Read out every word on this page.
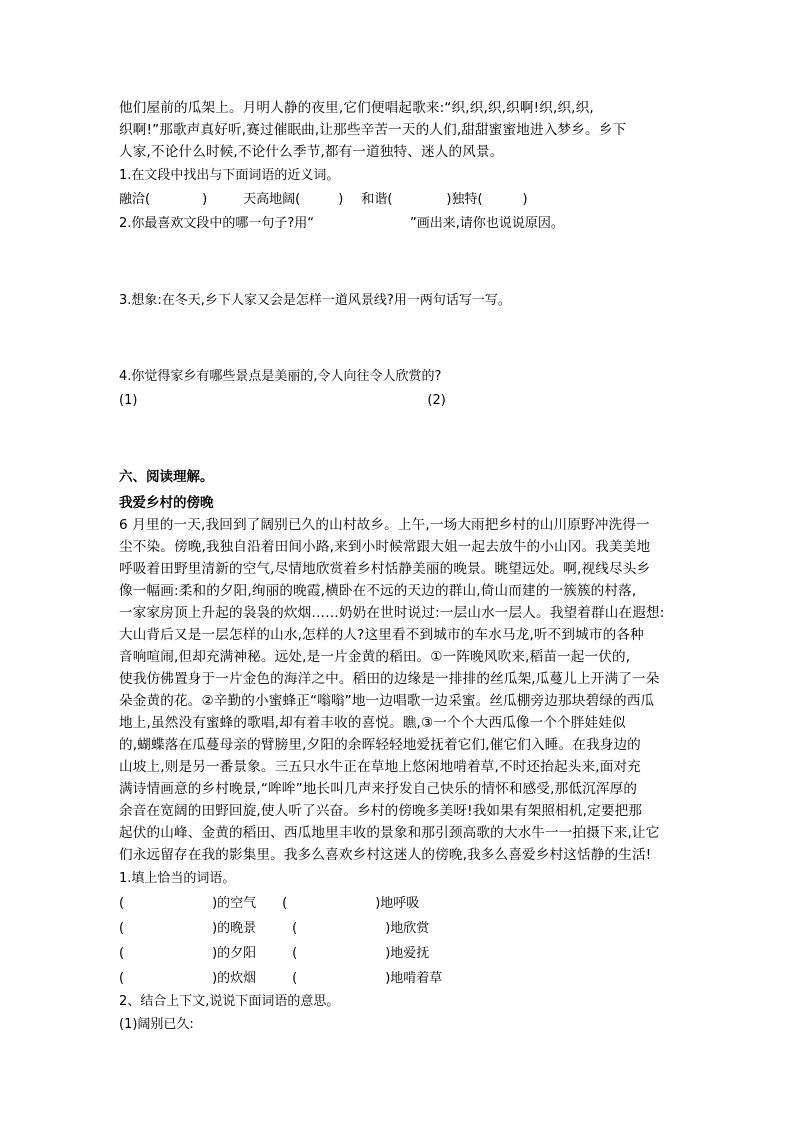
他们屋前的瓜架上。月明人静的夜里,它们便唱起歌来:“织,织,织,织啊!织,织,织,
织啊!”那歌声真好听,赛过催眠曲,让那些辛苦一天的人们,甜甜蜜蜜地进入梦乡。乡下
人家,不论什么时候,不论什么季节,都有一道独特、迷人的风景。
1.在文段中找出与下面词语的近义词。
融洽(	)	天高地阔(	) 和谐(	)独特(	)
2.你最喜欢文段中的哪一句子?用“	”画出来,请你也说说原因。
3.想象:在冬天,乡下人家又会是怎样一道风景线?用一两句话写一写。
4.你觉得家乡有哪些景点是美丽的,令人向往令人欣赏的?
(1)	(2)
六、阅读理解。
我爱乡村的傍晚
6 月里的一天,我回到了阔别已久的山村故乡。上午,一场大雨把乡村的山川原野冲洗得一
尘不染。傍晚,我独自沿着田间小路,来到小时候常跟大姐一起去放牛的小山冈。我美美地
呼吸着田野里清新的空气,尽情地欣赏着乡村恬静美丽的晚景。眺望远处。啊,视线尽头乡
像一幅画:柔和的夕阳,绚丽的晚霞,横卧在不远的天边的群山,倚山而建的一簇簇的村落,
一家家房顶上升起的袅袅的炊烟……奶奶在世时说过:一层山水一层人。我望着群山在遐想:
大山背后又是一层怎样的山水,怎样的人?这里看不到城市的车水马龙,听不到城市的各种
音响喧闹,但却充满神秘。远处,是一片金黄的稻田。①一阵晚风吹来,稻苗一起一伏的,
使我仿佛置身于一片金色的海洋之中。稻田的边缘是一排排的丝瓜架,瓜蔓儿上开满了一朵
朵金黄的花。②辛勤的小蜜蜂正“嗡嗡”地一边唱歌一边采蜜。丝瓜棚旁边那块碧绿的西瓜
地上,虽然没有蜜蜂的歌唱,却有着丰收的喜悦。瞧,③一个个大西瓜像一个个胖娃娃似
的,蝴蝶落在瓜蔓母亲的臂膀里,夕阳的余晖轻轻地爱抚着它们,催它们入睡。在我身边的
山坡上,则是另一番景象。三五只水牛正在草地上悠闲地啃着草,不时还抬起头来,面对充
满诗情画意的乡村晚景,“哞哞”地长叫几声来抒发自己快乐的情怀和感受,那低沉浑厚的
余音在宽阔的田野回旋,使人听了兴奋。乡村的傍晚多美呀!我如果有架照相机,定要把那
起伏的山峰、金黄的稻田、西瓜地里丰收的景象和那引颈高歌的大水牛一一拍摄下来,让它
们永远留存在我的影集里。我多么喜欢乡村这迷人的傍晚,我多么喜爱乡村这恬静的生活!
1.填上恰当的词语。
(	)的空气 (	)地呼吸
(	)的晚景	(	)地欣赏
(	)的夕阳	(	)地爱抚
(	)的炊烟	(	)地啃着草
2、结合上下文,说说下面词语的意思。
(1)阔别已久:
